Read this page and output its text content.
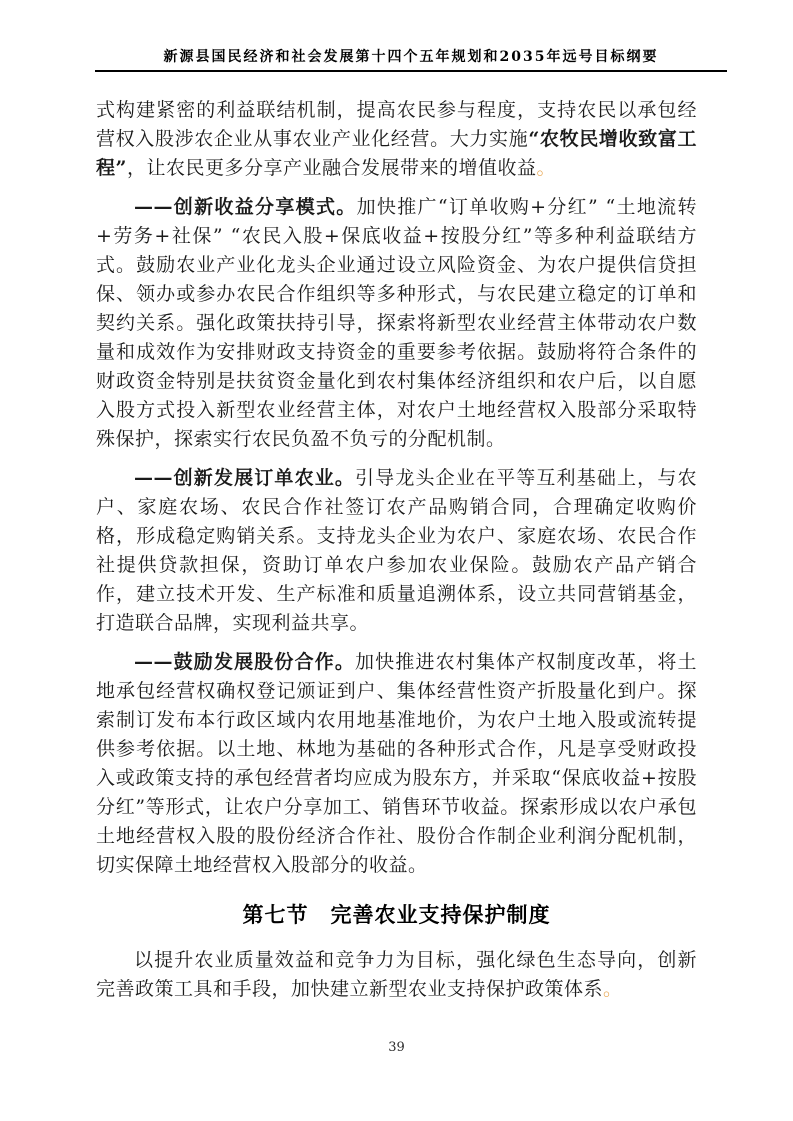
新源县国民经济和社会发展第十四个五年规划和2035年远号目标纲要

式构建紧密的利益联结机制，提高农民参与程度，支持农民以承包经营权入股涉农企业从事农业产业化经营。大力实施“农牧民增收致富工程”，让农民更多分享产业融合发展带来的增值收益。

——创新收益分享模式。加快推广“订单收购+分红” “土地流转+劳务+社保” “农民入股+保底收益+按股分红”等多种利益联结方式。鼓励农业产业化龙头企业通过设立风险资金、为农户提供信贷担保、领办或参办农民合作组织等多种形式，与农民建立稳定的订单和契约关系。强化政策扶持引导，探索将新型农业经营主体带动农户数量和成效作为安排财政支持资金的重要参考依据。鼓励将符合条件的财政资金特别是扶贫资金量化到农村集体经济组织和农户后，以自愿入股方式投入新型农业经营主体，对农户土地经营权入股部分采取特殊保护，探索实行农民负盈不负亏的分配机制。

——创新发展订单农业。引导龙头企业在平等互利基础上，与农户、家庭农场、农民合作社签订农产品购销合同，合理确定收购价格，形成稳定购销关系。支持龙头企业为农户、家庭农场、农民合作社提供贷款担保，资助订单农户参加农业保险。鼓励农产品产销合作，建立技术开发、生产标准和质量追溯体系，设立共同营销基金，打造联合品牌，实现利益共享。

——鼓励发展股份合作。加快推进农村集体产权制度改革，将土地承包经营权确权登记颁证到户、集体经营性资产折股量化到户。探索制订发布本行政区域内农用地基准地价，为农户土地入股或流转提供参考依据。以土地、林地为基础的各种形式合作，凡是享受财政投入或政策支持的承包经营者均应成为股东方，并采取“保底收益+按股分红”等形式，让农户分享加工、销售环节收益。探索形成以农户承包土地经营权入股的股份经济合作社、股份合作制企业利润分配机制，切实保障土地经营权入股部分的收益。

第七节　完善农业支持保护制度

以提升农业质量效益和竞争力为目标，强化绿色生态导向，创新完善政策工具和手段，加快建立新型农业支持保护政策体系。

39
